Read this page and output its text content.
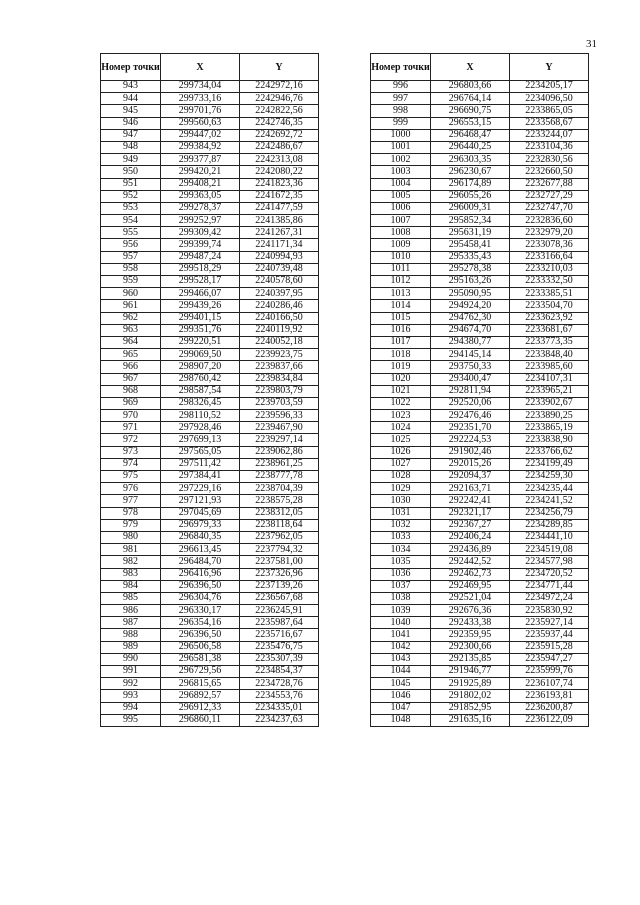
31
Номер точки	X	Y
943	299734,04	2242972,16
944	299733,16	2242946,76
945	299701,76	2242822,56
946	299560,63	2242746,35
947	299447,02	2242692,72
948	299384,92	2242486,67
949	299377,87	2242313,08
950	299420,21	2242080,22
951	299408,21	2241823,36
952	299363,05	2241672,35
953	299278,37	2241477,59
954	299252,97	2241385,86
955	299309,42	2241267,31
956	299399,74	2241171,34
957	299487,24	2240994,93
958	299518,29	2240739,48
959	299528,17	2240578,60
960	299466,07	2240397,95
961	299439,26	2240286,46
962	299401,15	2240166,50
963	299351,76	2240119,92
964	299220,51	2240052,18
965	299069,50	2239923,75
966	298907,20	2239837,66
967	298760,42	2239834,84
968	298587,54	2239803,79
969	298326,45	2239703,59
970	298110,52	2239596,33
971	297928,46	2239467,90
972	297699,13	2239297,14
973	297565,05	2239062,86
974	297511,42	2238961,25
975	297384,41	2238777,78
976	297229,16	2238704,39
977	297121,93	2238575,28
978	297045,69	2238312,05
979	296979,33	2238118,64
980	296840,35	2237962,05
981	296613,45	2237794,32
982	296484,70	2237581,00
983	296416,96	2237326,96
984	296396,50	2237139,26
985	296304,76	2236567,68
986	296330,17	2236245,91
987	296354,16	2235987,64
988	296396,50	2235716,67
989	296506,58	2235476,75
990	296581,38	2235307,39
991	296729,56	2234854,37
992	296815,65	2234728,76
993	296892,57	2234553,76
994	296912,33	2234335,01
995	296860,11	2234237,63
Номер точки	X	Y
996	296803,66	2234205,17
997	296764,14	2234096,50
998	296690,75	2233865,05
999	296553,15	2233568,67
1000	296468,47	2233244,07
1001	296440,25	2233104,36
1002	296303,35	2232830,56
1003	296230,67	2232660,50
1004	296174,89	2232677,88
1005	296055,26	2232727,29
1006	296009,31	2232747,70
1007	295852,34	2232836,60
1008	295631,19	2232979,20
1009	295458,41	2233078,36
1010	295335,43	2233166,64
1011	295278,38	2233210,03
1012	295163,26	2233332,50
1013	295090,95	2233385,51
1014	294924,20	2233504,70
1015	294762,30	2233623,92
1016	294674,70	2233681,67
1017	294380,77	2233773,35
1018	294145,14	2233848,40
1019	293750,33	2233985,60
1020	293400,47	2234107,31
1021	292811,94	2233965,21
1022	292520,06	2233902,67
1023	292476,46	2233890,25
1024	292351,70	2233865,19
1025	292224,53	2233838,90
1026	291902,46	2233766,62
1027	292015,26	2234199,49
1028	292094,37	2234259,30
1029	292163,71	2234235,44
1030	292242,41	2234241,52
1031	292321,17	2234256,79
1032	292367,27	2234289,85
1033	292406,24	2234441,10
1034	292436,89	2234519,08
1035	292442,52	2234577,98
1036	292462,73	2234720,52
1037	292469,95	2234771,44
1038	292521,04	2234972,24
1039	292676,36	2235830,92
1040	292433,38	2235927,14
1041	292359,95	2235937,44
1042	292300,66	2235915,28
1043	292135,85	2235947,27
1044	291946,77	2235999,76
1045	291925,89	2236107,74
1046	291802,02	2236193,81
1047	291852,95	2236200,87
1048	291635,16	2236122,09
